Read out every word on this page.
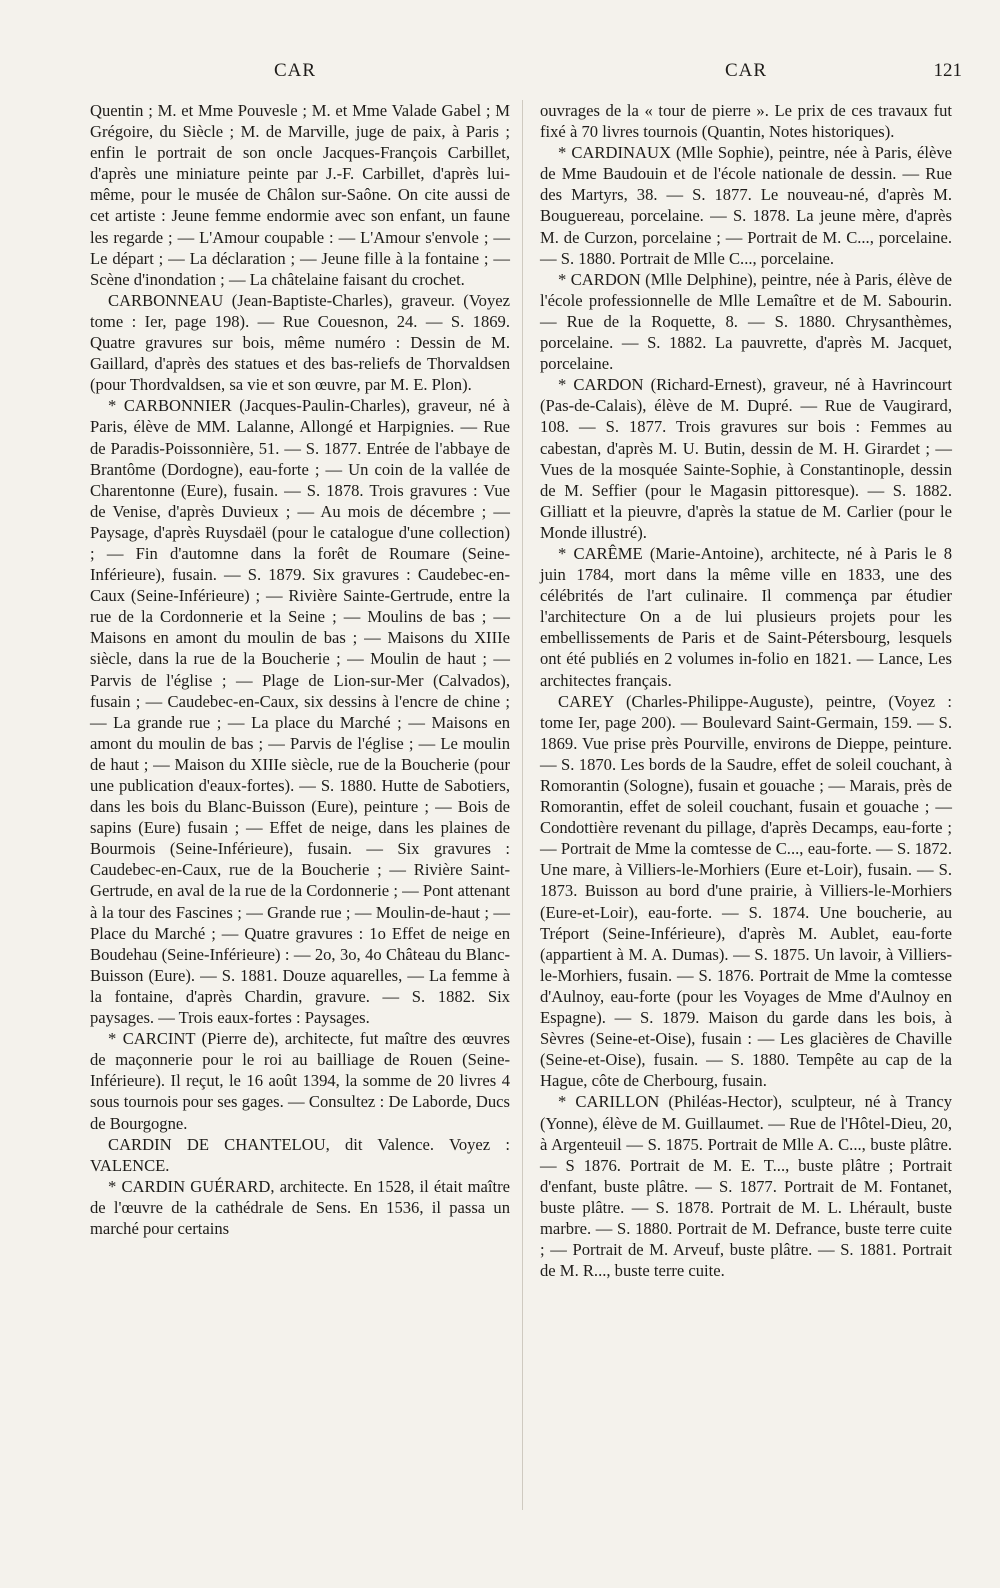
CAR	CAR	121

Quentin ; M. et Mme Pouvesle ; M. et Mme Valade Gabel ; M Grégoire, du Siècle ; M. de Marville, juge de paix, à Paris ; enfin le portrait de son oncle Jacques-François Carbillet, d'après une miniature peinte par J.-F. Carbillet, d'après lui-même, pour le musée de Châlon sur-Saône. On cite aussi de cet artiste : Jeune femme endormie avec son enfant, un faune les regarde ; — L'Amour coupable : — L'Amour s'envole ; — Le départ ; — La déclaration ; — Jeune fille à la fontaine ; — Scène d'inondation ; — La châtelaine faisant du crochet.

CARBONNEAU (Jean-Baptiste-Charles), graveur. (Voyez tome : Ier, page 198). — Rue Couesnon, 24. — S. 1869. Quatre gravures sur bois, même numéro : Dessin de M. Gaillard, d'après des statues et des bas-reliefs de Thorvaldsen (pour Thordvaldsen, sa vie et son œuvre, par M. E. Plon).

* CARBONNIER (Jacques-Paulin-Charles), graveur, né à Paris, élève de MM. Lalanne, Allongé et Harpignies. — Rue de Paradis-Poissonnière, 51. — S. 1877. Entrée de l'abbaye de Brantôme (Dordogne), eau-forte ; — Un coin de la vallée de Charentonne (Eure), fusain. — S. 1878. Trois gravures : Vue de Venise, d'après Duvieux ; — Au mois de décembre ; — Paysage, d'après Ruysdaël (pour le catalogue d'une collection) ; — Fin d'automne dans la forêt de Roumare (Seine-Inférieure), fusain. — S. 1879. Six gravures : Caudebec-en-Caux (Seine-Inférieure) ; — Rivière Sainte-Gertrude, entre la rue de la Cordonnerie et la Seine ; — Moulins de bas ; — Maisons en amont du moulin de bas ; — Maisons du XIIIe siècle, dans la rue de la Boucherie ; — Moulin de haut ; — Parvis de l'église ; — Plage de Lion-sur-Mer (Calvados), fusain ; — Caudebec-en-Caux, six dessins à l'encre de chine ; — La grande rue ; — La place du Marché ; — Maisons en amont du moulin de bas ; — Parvis de l'église ; — Le moulin de haut ; — Maison du XIIIe siècle, rue de la Boucherie (pour une publication d'eaux-fortes). — S. 1880. Hutte de Sabotiers, dans les bois du Blanc-Buisson (Eure), peinture ; — Bois de sapins (Eure) fusain ; — Effet de neige, dans les plaines de Bourmois (Seine-Inférieure), fusain. — Six gravures : Caudebec-en-Caux, rue de la Boucherie ; — Rivière Saint-Gertrude, en aval de la rue de la Cordonnerie ; — Pont attenant à la tour des Fascines ; — Grande rue ; — Moulin-de-haut ; — Place du Marché ; — Quatre gravures : 1o Effet de neige en Boudehau (Seine-Inférieure) : — 2o, 3o, 4o Château du Blanc-Buisson (Eure). — S. 1881. Douze aquarelles, — La femme à la fontaine, d'après Chardin, gravure. — S. 1882. Six paysages. — Trois eaux-fortes : Paysages.

* CARCINT (Pierre de), architecte, fut maître des œuvres de maçonnerie pour le roi au bailliage de Rouen (Seine-Inférieure). Il reçut, le 16 août 1394, la somme de 20 livres 4 sous tournois pour ses gages. — Consultez : De Laborde, Ducs de Bourgogne.

CARDIN DE CHANTELOU, dit Valence. Voyez : VALENCE.

* CARDIN GUÉRARD, architecte. En 1528, il était maître de l'œuvre de la cathédrale de Sens. En 1536, il passa un marché pour certains

ouvrages de la « tour de pierre ». Le prix de ces travaux fut fixé à 70 livres tournois (Quantin, Notes historiques).

* CARDINAUX (Mlle Sophie), peintre, née à Paris, élève de Mme Baudouin et de l'école nationale de dessin. — Rue des Martyrs, 38. — S. 1877. Le nouveau-né, d'après M. Bouguereau, porcelaine. — S. 1878. La jeune mère, d'après M. de Curzon, porcelaine ; — Portrait de M. C..., porcelaine. — S. 1880. Portrait de Mlle C..., porcelaine.

* CARDON (Mlle Delphine), peintre, née à Paris, élève de l'école professionnelle de Mlle Lemaître et de M. Sabourin. — Rue de la Roquette, 8. — S. 1880. Chrysanthèmes, porcelaine. — S. 1882. La pauvrette, d'après M. Jacquet, porcelaine.

* CARDON (Richard-Ernest), graveur, né à Havrincourt (Pas-de-Calais), élève de M. Dupré. — Rue de Vaugirard, 108. — S. 1877. Trois gravures sur bois : Femmes au cabestan, d'après M. U. Butin, dessin de M. H. Girardet ; — Vues de la mosquée Sainte-Sophie, à Constantinople, dessin de M. Seffier (pour le Magasin pittoresque). — S. 1882. Gilliatt et la pieuvre, d'après la statue de M. Carlier (pour le Monde illustré).

* CARÊME (Marie-Antoine), architecte, né à Paris le 8 juin 1784, mort dans la même ville en 1833, une des célébrités de l'art culinaire. Il commença par étudier l'architecture On a de lui plusieurs projets pour les embellissements de Paris et de Saint-Pétersbourg, lesquels ont été publiés en 2 volumes in-folio en 1821. — Lance, Les architectes français.

CAREY (Charles-Philippe-Auguste), peintre, (Voyez : tome Ier, page 200). — Boulevard Saint-Germain, 159. — S. 1869. Vue prise près Pourville, environs de Dieppe, peinture. — S. 1870. Les bords de la Saudre, effet de soleil couchant, à Romorantin (Sologne), fusain et gouache ; — Marais, près de Romorantin, effet de soleil couchant, fusain et gouache ; — Condottière revenant du pillage, d'après Decamps, eau-forte ; — Portrait de Mme la comtesse de C..., eau-forte. — S. 1872. Une mare, à Villiers-le-Morhiers (Eure et-Loir), fusain. — S. 1873. Buisson au bord d'une prairie, à Villiers-le-Morhiers (Eure-et-Loir), eau-forte. — S. 1874. Une boucherie, au Tréport (Seine-Inférieure), d'après M. Aublet, eau-forte (appartient à M. A. Dumas). — S. 1875. Un lavoir, à Villiers-le-Morhiers, fusain. — S. 1876. Portrait de Mme la comtesse d'Aulnoy, eau-forte (pour les Voyages de Mme d'Aulnoy en Espagne). — S. 1879. Maison du garde dans les bois, à Sèvres (Seine-et-Oise), fusain : — Les glacières de Chaville (Seine-et-Oise), fusain. — S. 1880. Tempête au cap de la Hague, côte de Cherbourg, fusain.

* CARILLON (Philéas-Hector), sculpteur, né à Trancy (Yonne), élève de M. Guillaumet. — Rue de l'Hôtel-Dieu, 20, à Argenteuil — S. 1875. Portrait de Mlle A. C..., buste plâtre. — S 1876. Portrait de M. E. T..., buste plâtre ; Portrait d'enfant, buste plâtre. — S. 1877. Portrait de M. Fontanet, buste plâtre. — S. 1878. Portrait de M. L. Lhérault, buste marbre. — S. 1880. Portrait de M. Defrance, buste terre cuite ; — Portrait de M. Arveuf, buste plâtre. — S. 1881. Portrait de M. R..., buste terre cuite.
